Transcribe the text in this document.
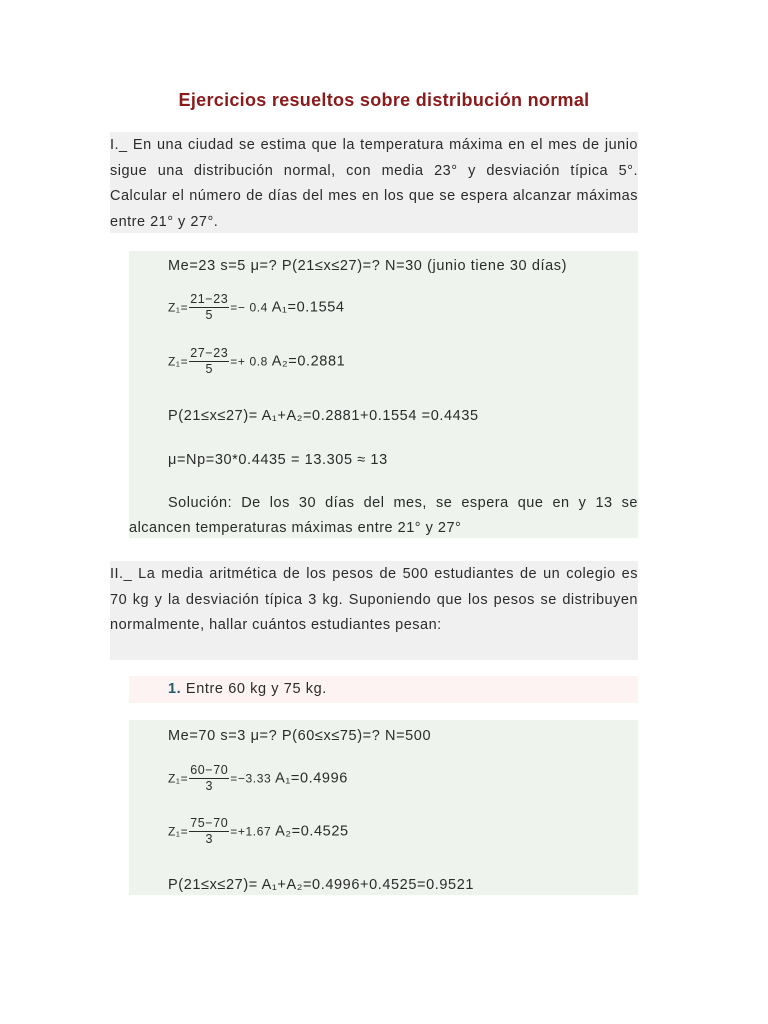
Ejercicios resueltos sobre distribución normal
I._ En una ciudad se estima que la temperatura máxima en el mes de junio sigue una distribución normal, con media 23° y desviación típica 5°. Calcular el número de días del mes en los que se espera alcanzar máximas entre 21° y 27°.
Me=23 s=5 μ=? P(21≤x≤27)=? N=30 (junio tiene 30 días)
$Z_1= \frac{21-23}{5} =- 0.4$ A₁=0.1554
$Z_1= \frac{27-23}{5} =+ 0.8$ A₂=0.2881
P(21≤x≤27)= A₁+A₂=0.2881+0.1554 =0.4435
μ=Np=30*0.4435 = 13.305 ≈ 13
Solución: De los 30 días del mes, se espera que en y 13 se alcancen temperaturas máximas entre 21° y 27°
II._ La media aritmética de los pesos de 500 estudiantes de un colegio es 70 kg y la desviación típica 3 kg. Suponiendo que los pesos se distribuyen normalmente, hallar cuántos estudiantes pesan:
1. Entre 60 kg y 75 kg.
Me=70 s=3 μ=? P(60≤x≤75)=? N=500
$Z_1= \frac{60-70}{3} =-3.33$ A₁=0.4996
$Z_1= \frac{75-70}{3} =+1.67$ A₂=0.4525
P(21≤x≤27)= A₁+A₂=0.4996+0.4525=0.9521
